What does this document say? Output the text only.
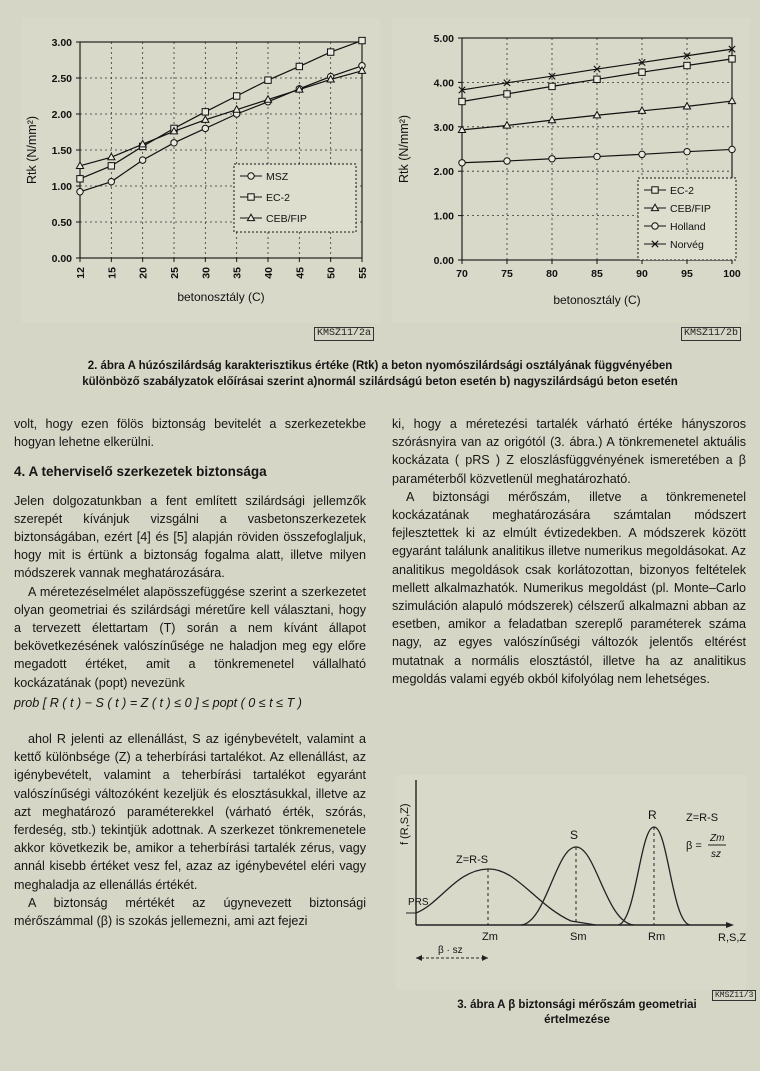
0.00
0.50
1.00
1.50
2.00
2.50
3.00
12 15 20 25 30 35 40 45 50 55
betonosztály (C)
Rtk (N/mm²)	MSZ
EC-2
CEB/FIP
0.00
1.00
2.00
3.00
4.00
5.00
70	75	80	85	90	95	100
betonosztály (C)
Rtk (N/mm²)
EC-2
CEB/FIP
Holland
Norvég
KMSZ11/2a	KMSZ11/2b
2. ábra A húzószilárdság karakterisztikus értéke (Rtk) a beton nyomószilárdsági osztályának függvényében
különböző szabályzatok előírásai szerint a)normál szilárdságú beton esetén b) nagyszilárdságú beton esetén

volt, hogy ezen fölös biztonság bevitelét a szerkezetekbe hogyan lehetne elkerülni.

4. A teherviselő szerkezetek biztonsága

Jelen dolgozatunkban a fent említett szilárdsági jellemzők szerepét kívánjuk vizsgálni a vasbetonszerkezetek biztonságában, ezért [4] és [5] alapján röviden összefoglaljuk, hogy mit is értünk a biztonság fogalma alatt, illetve milyen módszerek vannak meghatározására.

A méretezéselmélet alapösszefüggése szerint a szerkezetet olyan geometriai és szilárdsági méretűre kell választani, hogy a tervezett élettartam (T) során a nem kívánt állapot bekövetkezésének valószínűsége ne haladjon meg egy előre megadott értéket, amit a tönkremenetel vállalható kockázatának (popt) nevezünk

prob [ R ( t ) − S ( t ) = Z ( t ) ≤ 0 ] ≤ popt ( 0 ≤ t ≤ T )

ahol R jelenti az ellenállást, S az igénybevételt, valamint a kettő különbsége (Z) a teherbírási tartalékot. Az ellenállást, az igénybevételt, valamint a teherbírási tartalékot egyaránt valószínűségi változóként kezeljük és elosztásukkal, illetve az azt meghatározó paraméterekkel (várható érték, szórás, ferdeség, stb.) tekintjük adottnak. A szerkezet tönkremenetele akkor következik be, amikor a teherbírási tartalék zérus, vagy annál kisebb értéket vesz fel, azaz az igénybevétel eléri vagy meghaladja az ellenállás értékét.

A biztonság mértékét az úgynevezett biztonsági mérőszámmal (β) is szokás jellemezni, ami azt fejezi

ki, hogy a méretezési tartalék várható értéke hányszoros szórásnyira van az origótól (3. ábra.) A tönkremenetel aktuális kockázata ( pRS ) Z eloszlásfüggvényének ismeretében a β paraméterből közvetlenül meghatározható.

A biztonsági mérőszám, illetve a tönkremenetel kockázatának meghatározására számtalan módszert fejlesztettek ki az elmúlt évtizedekben. A módszerek között egyaránt találunk analitikus illetve numerikus megoldásokat. Az analitikus megoldások csak korlátozottan, bizonyos feltételek mellett alkalmazhatók. Numerikus megoldást (pl. Monte–Carlo szimuláción alapuló módszerek) célszerű alkalmazni abban az esetben, amikor a feladatban szereplő paraméterek száma nagy, az egyes valószínűségi változók jelentős eltérést mutatnak a normális elosztástól, illetve ha az analitikus megoldás valami egyéb okból kifolyólag nem lehetséges.

f (R,S,Z)
Z=R-S
S
R	Z=R-S
β =
Zm
sz
PRS
Zm	Sm	Rm	R,S,Z
β · sz
KMSZ11/3
3. ábra A β biztonsági mérőszám geometriai értelmezése
